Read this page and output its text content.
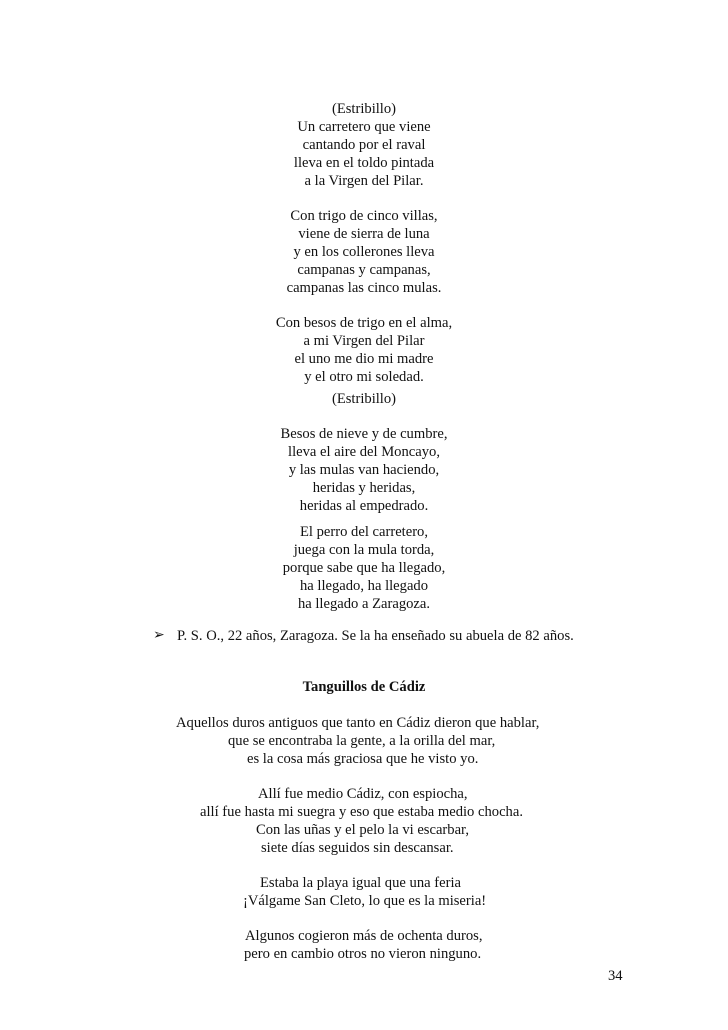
(Estribillo)
Un carretero que viene
cantando por el raval
lleva en el toldo pintada
a la Virgen del Pilar.
Con trigo de cinco villas,
viene de sierra de luna
y en los collerones lleva
campanas y campanas,
campanas las cinco mulas.
Con besos de trigo en el alma,
a mi Virgen del Pilar
el uno me dio mi madre
y el otro mi soledad.
(Estribillo)
Besos de nieve y de cumbre,
lleva el aire del Moncayo,
y las mulas van haciendo,
heridas y heridas,
heridas al empedrado.
El perro del carretero,
juega con la mula torda,
porque sabe que ha llegado,
ha llegado, ha llegado
ha llegado a Zaragoza.
➢ P. S. O., 22 años, Zaragoza. Se la ha enseñado su abuela de 82 años.
Tanguillos de Cádiz
Aquellos duros antiguos que tanto en Cádiz dieron que hablar,
que se encontraba la gente, a la orilla del mar,
es la cosa más graciosa que he visto yo.
Allí fue medio Cádiz, con espiocha,
allí fue hasta mi suegra y eso que estaba medio chocha.
Con las uñas y el pelo la vi escarbar,
siete días seguidos sin descansar.
Estaba la playa igual que una feria
¡Válgame San Cleto, lo que es la miseria!
Algunos cogieron más de ochenta duros,
pero en cambio otros no vieron ninguno.
34
